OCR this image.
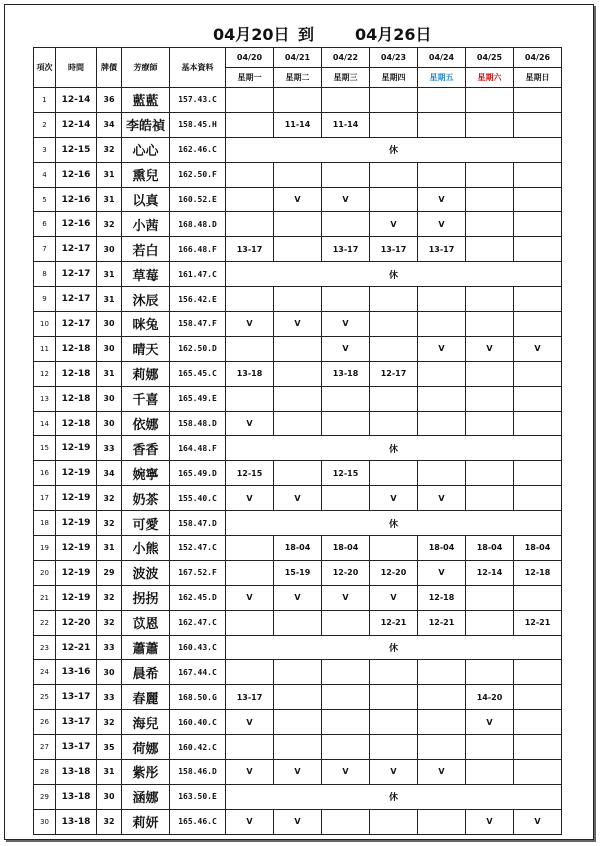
04月20日 到	04月26日
項次	時間	牌價	芳療師	基本資料	04/20	04/21	04/22	04/23	04/24	04/25	04/26
					星期一	星期二	星期三	星期四	星期五	星期六	星期日
1	12-14	36	藍藍	157.43.C							
2	12-14	34	李皓禎	158.45.H		11-14	11-14				
3	12-15	32	心心	162.46.C	休						
4	12-16	31	熏兒	162.50.F							
5	12-16	31	以真	160.52.E		V	V		V		
6	12-16	32	小茜	168.48.D				V	V		
7	12-17	30	若白	166.48.F	13-17		13-17	13-17	13-17		
8	12-17	31	草莓	161.47.C	休						
9	12-17	31	沐辰	156.42.E							
10	12-17	30	咪兔	158.47.F	V	V	V				
11	12-18	30	晴天	162.50.D			V		V	V	V
12	12-18	31	莉娜	165.45.C	13-18		13-18	12-17			
13	12-18	30	千喜	165.49.E							
14	12-18	30	依娜	158.48.D	V						
15	12-19	33	香香	164.48.F	休						
16	12-19	34	婉寧	165.49.D	12-15		12-15				
17	12-19	32	奶茶	155.40.C	V	V		V	V		
18	12-19	32	可愛	158.47.D	休						
19	12-19	31	小熊	152.47.C		18-04	18-04		18-04	18-04	18-04
20	12-19	29	波波	167.52.F		15-19	12-20	12-20	V	12-14	12-18
21	12-19	32	拐拐	162.45.D	V	V	V	V	12-18		
22	12-20	32	苡恩	162.47.C				12-21	12-21		12-21
23	12-21	33	蕭蕭	160.43.C	休						
24	13-16	30	晨希	167.44.C							
25	13-17	33	春麗	168.50.G	13-17					14-20	
26	13-17	32	海兒	160.40.C	V					V	
27	13-17	35	荷娜	160.42.C							
28	13-18	31	紫彤	158.46.D	V	V	V	V	V		
29	13-18	30	涵娜	163.50.E	休						
30	13-18	32	莉妍	165.46.C	V	V				V	V
